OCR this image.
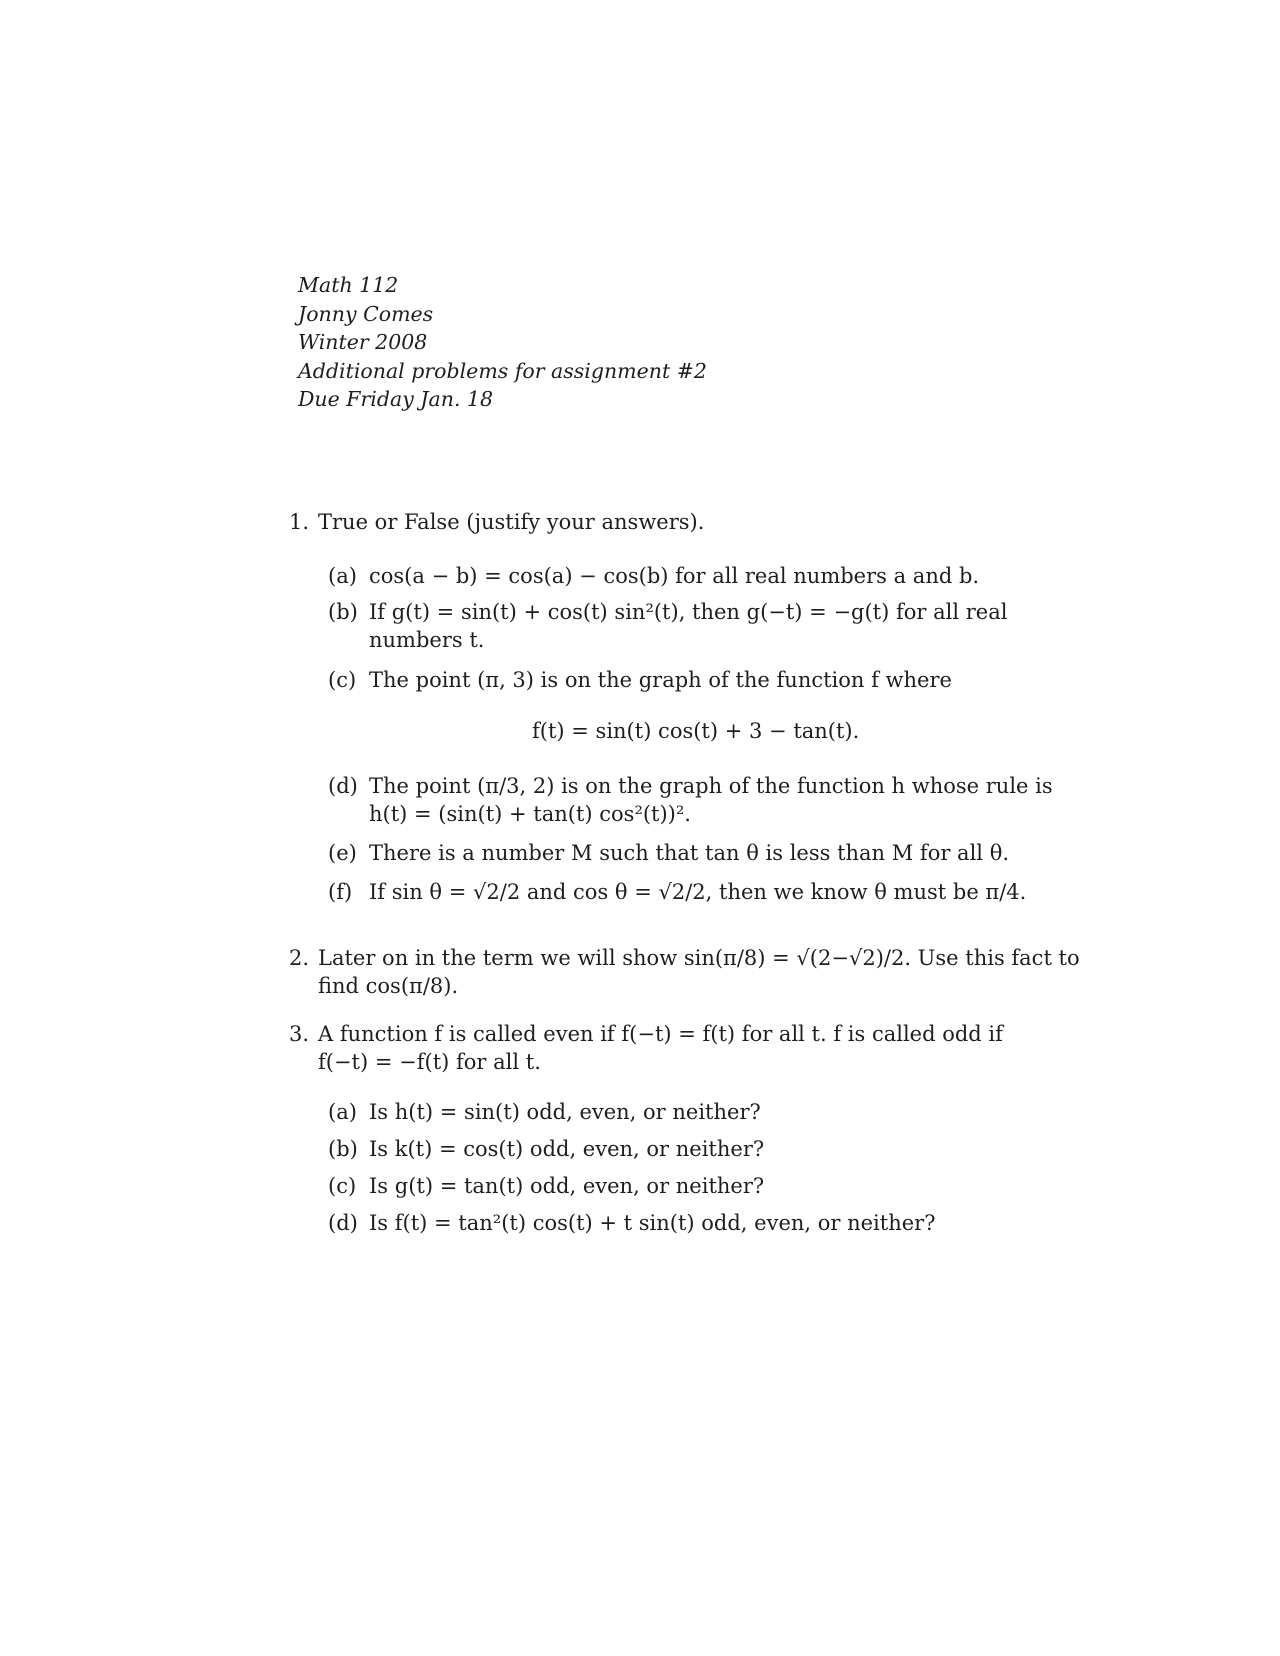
Math 112
Jonny Comes
Winter 2008
Additional problems for assignment #2
Due Friday Jan. 18
1. True or False (justify your answers).
(a) cos(a − b) = cos(a) − cos(b) for all real numbers a and b.
(b) If g(t) = sin(t) + cos(t) sin²(t), then g(−t) = −g(t) for all real
numbers t.
(c) The point (π, 3) is on the graph of the function f where
f(t) = sin(t) cos(t) + 3 − tan(t).
(d) The point (π/3, 2) is on the graph of the function h whose rule is
h(t) = (sin(t) + tan(t) cos²(t))².
(e) There is a number M such that tan θ is less than M for all θ.
(f) If sin θ = √2/2 and cos θ = √2/2, then we know θ must be π/4.
2. Later on in the term we will show sin(π/8) = √(2−√2)/2. Use this fact to
find cos(π/8).
3. A function f is called even if f(−t) = f(t) for all t. f is called odd if
f(−t) = −f(t) for all t.
(a) Is h(t) = sin(t) odd, even, or neither?
(b) Is k(t) = cos(t) odd, even, or neither?
(c) Is g(t) = tan(t) odd, even, or neither?
(d) Is f(t) = tan²(t) cos(t) + t sin(t) odd, even, or neither?
